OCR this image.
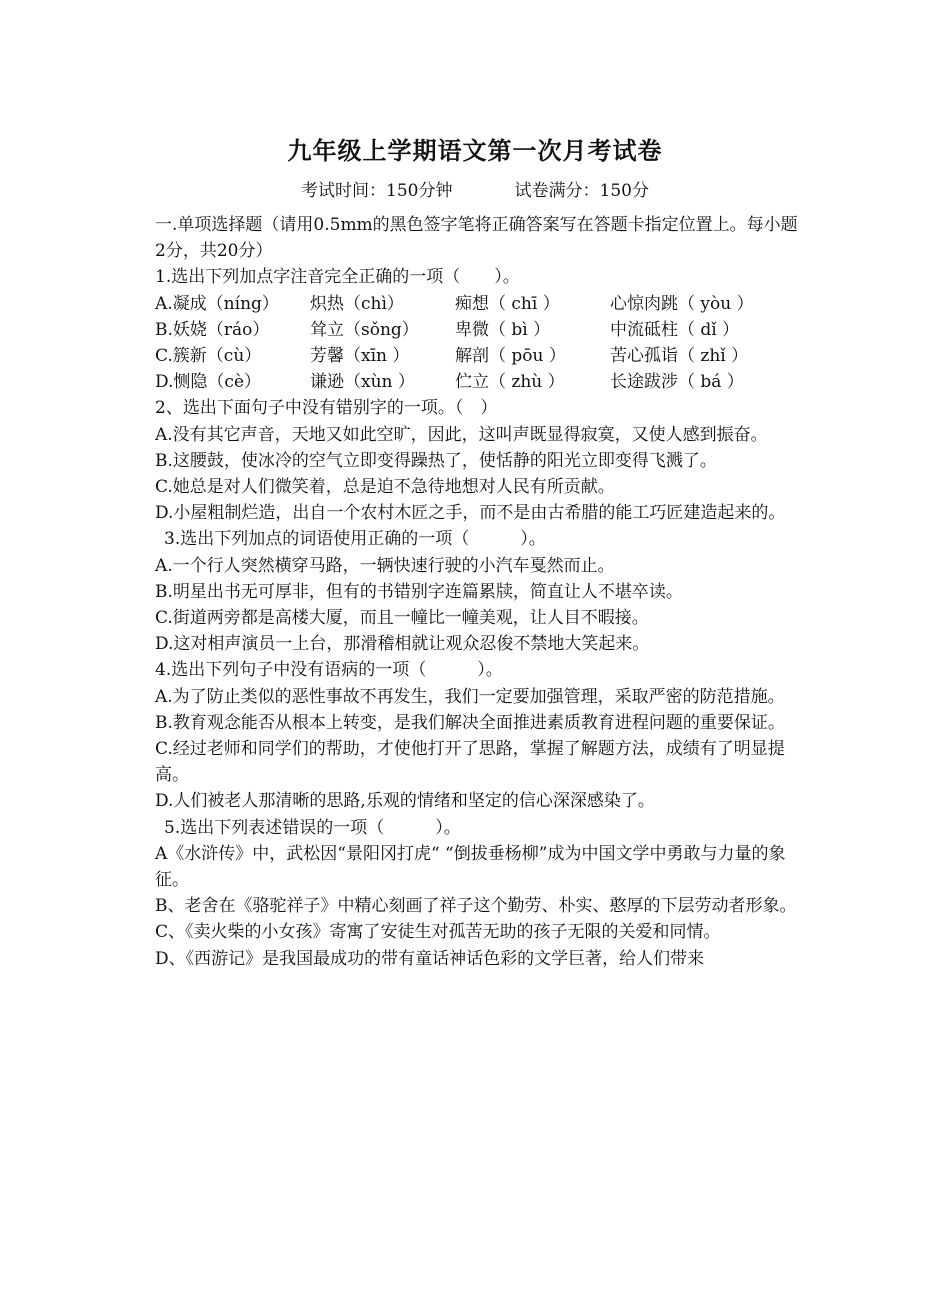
九年级上学期语文第一次月考试卷
考试时间：150分钟	试卷满分：150分

一.单项选择题（请用0.5mm的黑色签字笔将正确答案写在答题卡指定位置上。每小题2分，共20分）

1.选出下列加点字注音完全正确的一项（　　）。

A.凝成（níng）	炽热（chì）	痴想（ chī ）	心惊肉跳（ yòu ）
B.妖娆（ráo）	耸立（sǒng）	卑微（ bì ）	中流砥柱（ dǐ ）
C.簇新（cù）	芳馨（xīn ）	解剖（ pōu ）	苦心孤诣（ zhǐ ）
D.恻隐（cè）	谦逊（xùn ）	伫立（ zhù ）	长途跋涉（ bá ）

2、选出下面句子中没有错别字的一项。（　）

A.没有其它声音，天地又如此空旷，因此，这叫声既显得寂寞，又使人感到振奋。

B.这腰鼓，使冰冷的空气立即变得躁热了，使恬静的阳光立即变得飞溅了。

C.她总是对人们微笑着，总是迫不急待地想对人民有所贡献。

D.小屋粗制烂造，出自一个农村木匠之手，而不是由古希腊的能工巧匠建造起来的。

3.选出下列加点的词语使用正确的一项（　　　）。

A.一个行人突然横穿马路，一辆快速行驶的小汽车戛然而止。

B.明星出书无可厚非，但有的书错别字连篇累牍，简直让人不堪卒读。

C.街道两旁都是高楼大厦，而且一幢比一幢美观，让人目不暇接。

D.这对相声演员一上台，那滑稽相就让观众忍俊不禁地大笑起来。

4.选出下列句子中没有语病的一项（　　　）。

A.为了防止类似的恶性事故不再发生，我们一定要加强管理，采取严密的防范措施。

B.教育观念能否从根本上转变，是我们解决全面推进素质教育进程问题的重要保证。

C.经过老师和同学们的帮助，才使他打开了思路，掌握了解题方法，成绩有了明显提高。

D.人们被老人那清晰的思路,乐观的情绪和坚定的信心深深感染了。

5.选出下列表述错误的一项（　　　）。

A《水浒传》中，武松因“景阳冈打虎“ “倒拔垂杨柳”成为中国文学中勇敢与力量的象征。

B、老舍在《骆驼祥子》中精心刻画了祥子这个勤劳、朴实、憨厚的下层劳动者形象。

C、《卖火柴的小女孩》寄寓了安徒生对孤苦无助的孩子无限的关爱和同情。

D、《西游记》是我国最成功的带有童话神话色彩的文学巨著，给人们带来
